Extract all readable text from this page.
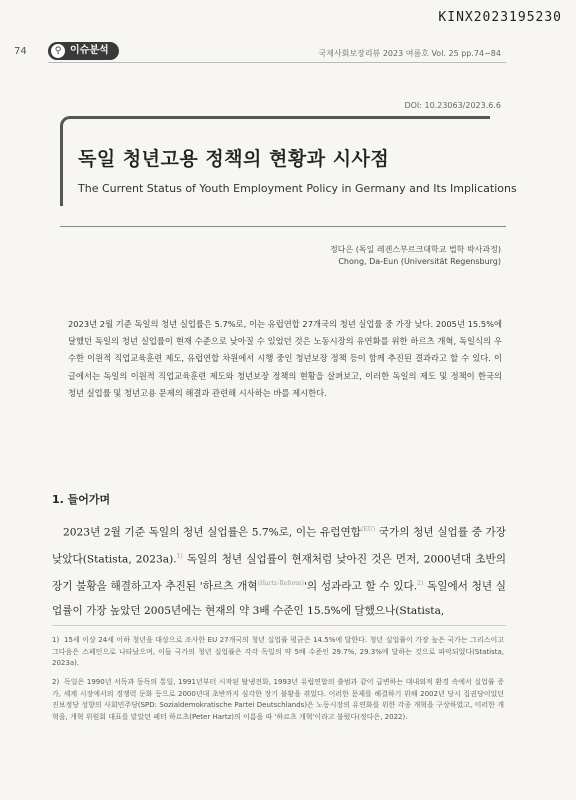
KINX2023195230
74	⚲ 이슈분석	국제사회보장리뷰 2023 여름호 Vol. 25 pp.74~84
DOI: 10.23063/2023.6.6
독일 청년고용 정책의 현황과 시사점
The Current Status of Youth Employment Policy in Germany and Its Implications
정다은 (독일 레겐스부르크대학교 법학 박사과정)
Chong, Da-Eun (Universität Regensburg)
2023년 2월 기준 독일의 청년 실업률은 5.7%로, 이는 유럽연합 27개국의 청년 실업률 중 가장 낮다. 2005년 15.5%에 달했던 독일의 청년 실업률이 현재 수준으로 낮아질 수 있었던 것은 노동시장의 유연화를 위한 하르츠 개혁, 독일식의 우수한 이원적 직업교육훈련 제도, 유럽연합 차원에서 시행 중인 청년보장 정책 등이 함께 추진된 결과라고 할 수 있다. 이 글에서는 독일의 이원적 직업교육훈련 제도와 청년보장 정책의 현황을 살펴보고, 이러한 독일의 제도 및 정책이 한국의 청년 실업률 및 청년고용 문제의 해결과 관련해 시사하는 바를 제시한다.
1. 들어가며
2023년 2월 기준 독일의 청년 실업률은 5.7%로, 이는 유럽연합$^{(EU)}$ 국가의 청년 실업률 중 가장 낮았다(Statista, 2023a).$^{1)}$ 독일의 청년 실업률이 현재처럼 낮아진 것은 먼저, 2000년대 초반의 장기 불황을 해결하고자 추진된 '하르츠 개혁$^{(Hartz-Reform)}$'의 성과라고 할 수 있다.$^{2)}$ 독일에서 청년 실업률이 가장 높았던 2005년에는 현재의 약 3배 수준인 15.5%에 달했으나(Statista,
1) 15세 이상 24세 이하 청년을 대상으로 조사한 EU 27개국의 청년 실업률 평균은 14.5%에 달한다. 청년 실업률이 가장 높은 국가는 그리스이고 그다음은 스페인으로 나타났으며, 이들 국가의 청년 실업률은 각각 독일의 약 5배 수준인 29.7%, 29.3%에 달하는 것으로 파악되었다(Statista, 2023a).
2) 독일은 1990년 서독과 동독의 통일, 1991년부터 시작된 탈냉전화, 1993년 유럽연합의 출범과 같이 급변하는 대내외적 환경 속에서 실업률 증가, 세계 시장에서의 경쟁력 둔화 등으로 2000년대 초반까지 심각한 장기 불황을 겪었다. 이러한 문제를 해결하기 위해 2002년 당시 집권당이었던 진보정당 성향의 사회민주당(SPD: Sozialdemokratische Partei Deutschlands)은 노동시장의 유연화를 위한 각종 개혁을 구상하였고, 이러한 개혁을, 개혁 위원회 대표를 맡았던 페터 하르츠(Peter Hartz)의 이름을 따 '하르츠 개혁'이라고 불렀다(정다은, 2022).
